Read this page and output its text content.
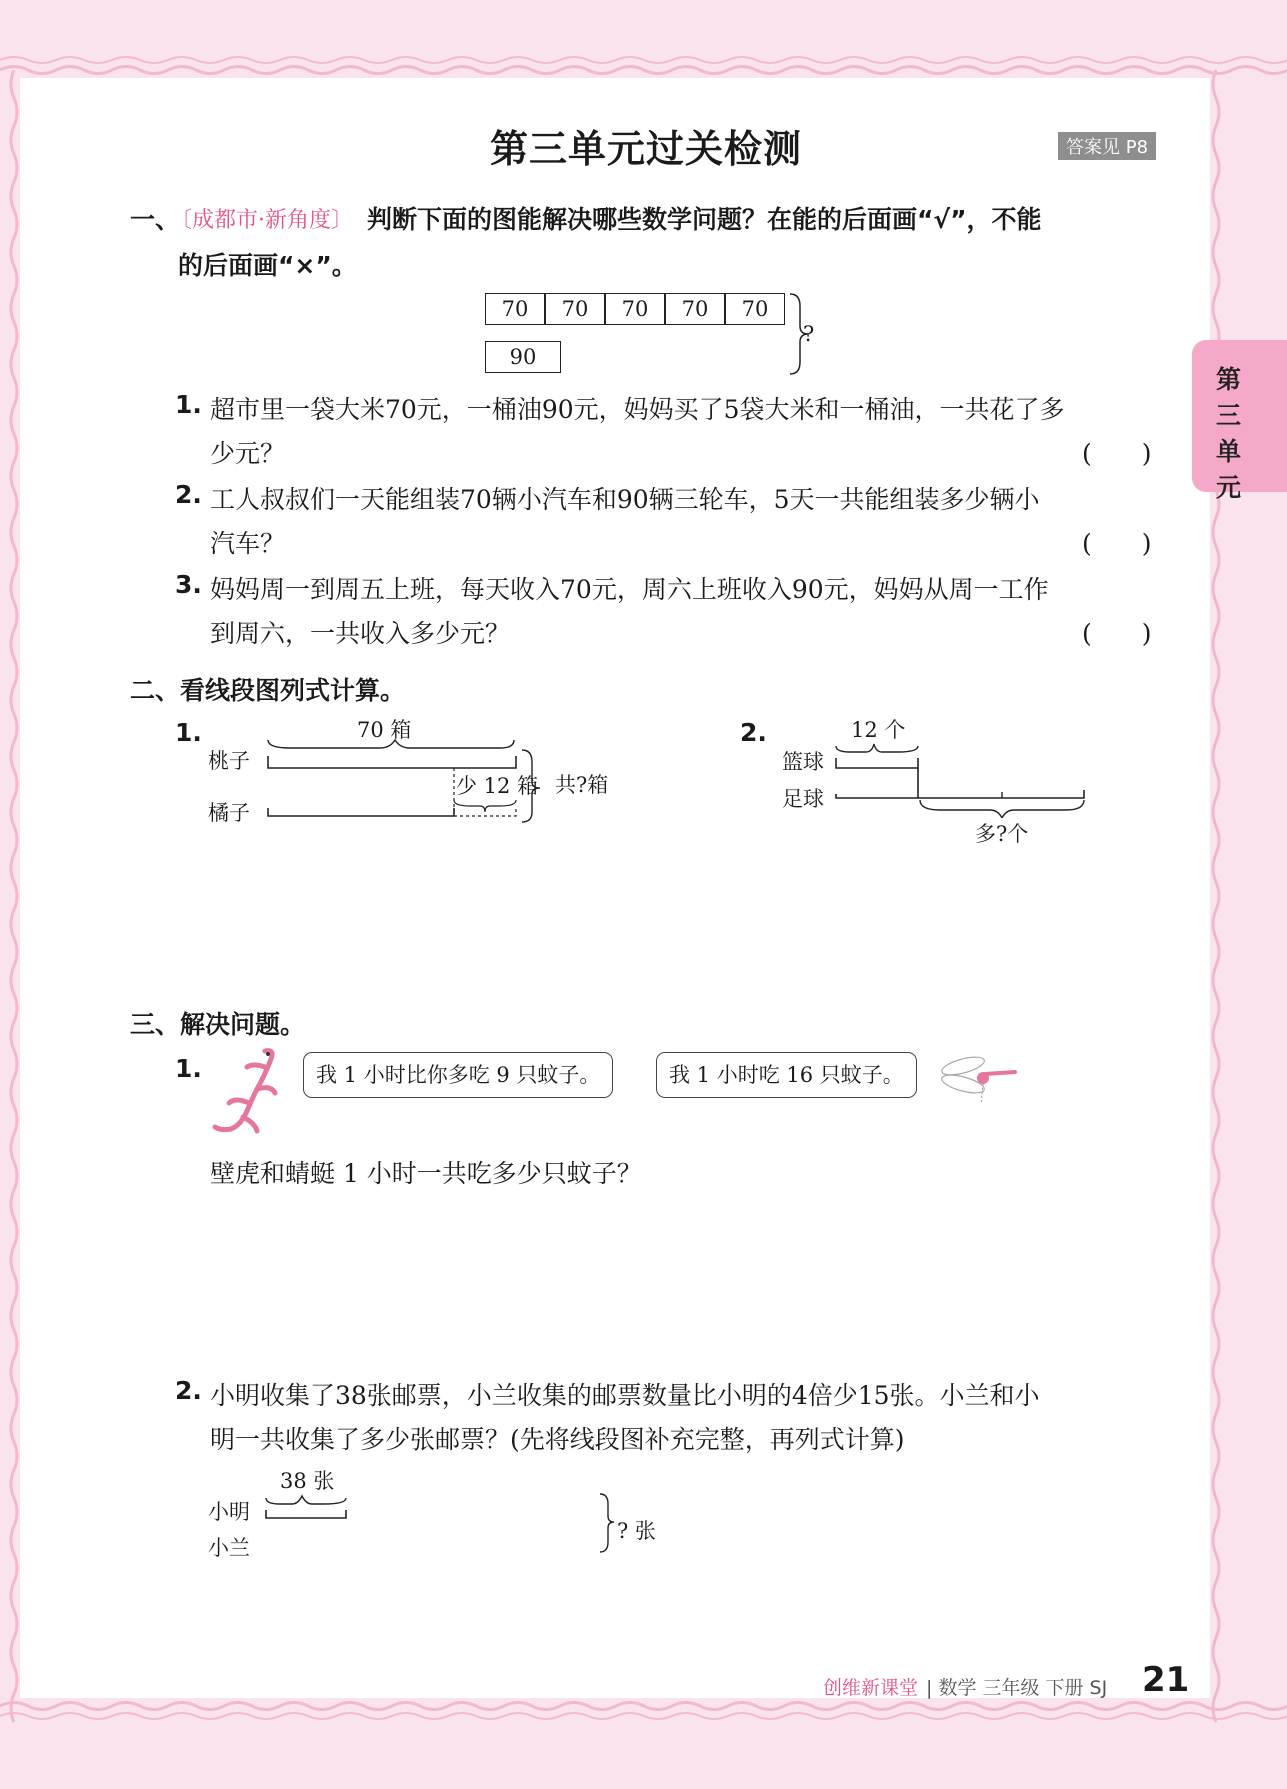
第三单元过关检测	答案见 P8
第三单元
一、
〔成都市·新角度〕 判断下面的图能解决哪些数学问题？在能的后面画“√”，不能
的后面画“×”。
70	70	70	70	70
90
?
1. 超市里一袋大米70元，一桶油90元，妈妈买了5袋大米和一桶油，一共花了多
少元？	(　　)
2. 工人叔叔们一天能组装70辆小汽车和90辆三轮车，5天一共能组装多少辆小
汽车？	(　　)
3. 妈妈周一到周五上班，每天收入70元，周六上班收入90元，妈妈从周一工作
到周六，一共收入多少元？	(　　)
二、看线段图列式计算。
1.	70 箱
桃子
橘子
少 12 箱 共?箱
2.	12 个
篮球
足球
多?个
三、解决问题。
1.	我 1 小时比你多吃 9 只蚊子。	我 1 小时吃 16 只蚊子。
壁虎和蜻蜓 1 小时一共吃多少只蚊子？
2. 小明收集了38张邮票，小兰收集的邮票数量比小明的4倍少15张。小兰和小
明一共收集了多少张邮票？(先将线段图补充完整，再列式计算)
38 张
小明
小兰
? 张
创维新课堂 | 数学 三年级 下册 SJ 21
